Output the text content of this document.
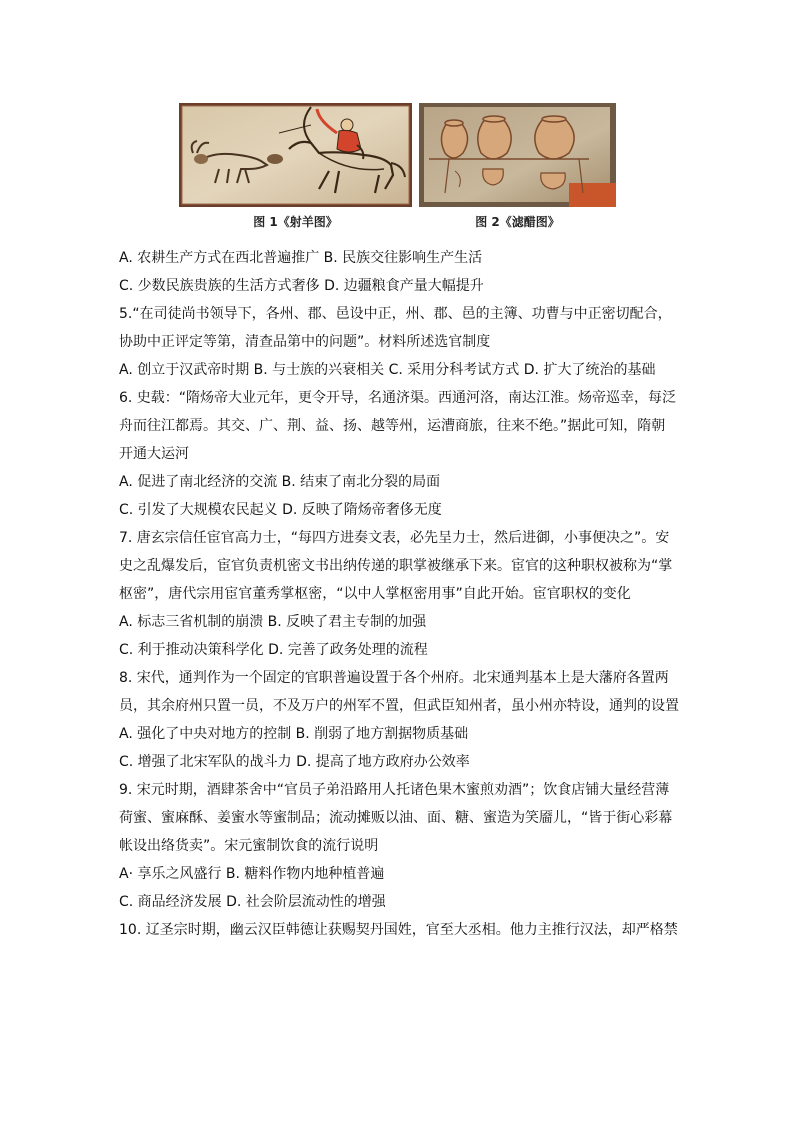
图 1《射羊图》	图 2《滤醋图》
A. 农耕生产方式在西北普遍推广 B. 民族交往影响生产生活
C. 少数民族贵族的生活方式奢侈 D. 边疆粮食产量大幅提升
5.“在司徒尚书领导下，各州、郡、邑设中正，州、郡、邑的主簿、功曹与中正密切配合，
协助中正评定等第，清查品第中的问题”。材料所述选官制度
A. 创立于汉武帝时期 B. 与士族的兴衰相关 C. 采用分科考试方式 D. 扩大了统治的基础
6. 史载：“隋炀帝大业元年，更令开导，名通济渠。西通河洛，南达江淮。炀帝巡幸，每泛
舟而往江都焉。其交、广、荆、益、扬、越等州，运漕商旅，往来不绝。”据此可知，隋朝
开通大运河
A. 促进了南北经济的交流 B. 结束了南北分裂的局面
C. 引发了大规模农民起义 D. 反映了隋炀帝奢侈无度
7. 唐玄宗信任宦官高力士，“每四方进奏文表，必先呈力士，然后进御，小事便决之”。安
史之乱爆发后，宦官负责机密文书出纳传递的职掌被继承下来。宦官的这种职权被称为“掌
枢密”，唐代宗用宦官董秀掌枢密，“以中人掌枢密用事”自此开始。宦官职权的变化
A. 标志三省机制的崩溃 B. 反映了君主专制的加强
C. 利于推动决策科学化 D. 完善了政务处理的流程
8. 宋代，通判作为一个固定的官职普遍设置于各个州府。北宋通判基本上是大藩府各置两
员，其余府州只置一员，不及万户的州军不置，但武臣知州者，虽小州亦特设，通判的设置
A. 强化了中央对地方的控制 B. 削弱了地方割据物质基础
C. 增强了北宋军队的战斗力 D. 提高了地方政府办公效率
9. 宋元时期，酒肆茶舍中“官员子弟沿路用人托诸色果木蜜煎劝酒”；饮食店铺大量经营薄
荷蜜、蜜麻酥、姜蜜水等蜜制品；流动摊贩以油、面、糖、蜜造为笑靥儿，“皆于街心彩幕
帐设出络货卖”。宋元蜜制饮食的流行说明
A· 享乐之风盛行 B. 糖料作物内地种植普遍
C. 商品经济发展 D. 社会阶层流动性的增强
10. 辽圣宗时期，幽云汉臣韩德让获赐契丹国姓，官至大丞相。他力主推行汉法，却严格禁
